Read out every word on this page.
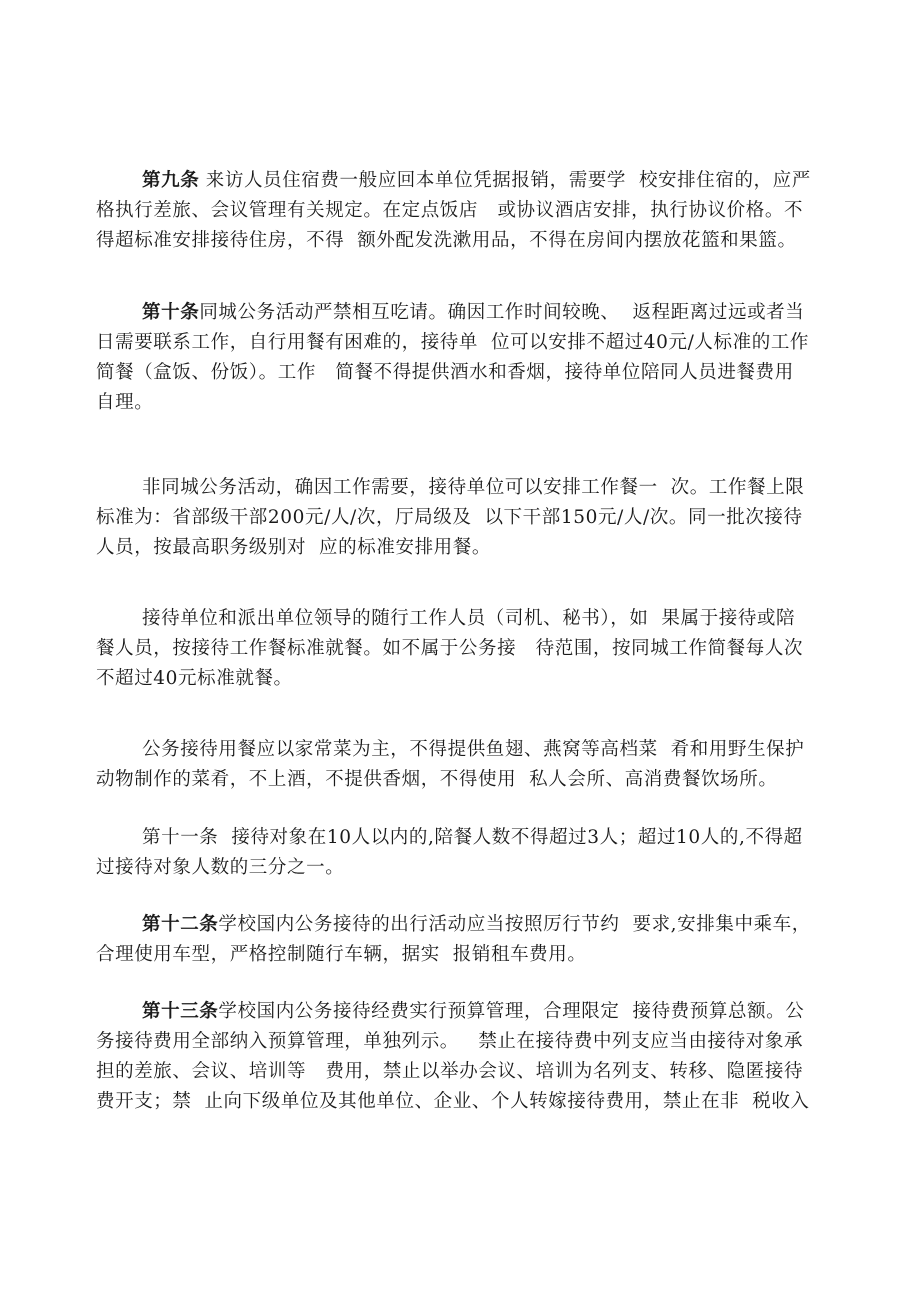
第九条 来访人员住宿费一般应回本单位凭据报销，需要学  校安排住宿的，应严
格执行差旅、会议管理有关规定。在定点饭店   或协议酒店安排，执行协议价格。不
得超标准安排接待住房，不得  额外配发洗漱用品，不得在房间内摆放花篮和果篮。
第十条同城公务活动严禁相互吃请。确因工作时间较晚、  返程距离过远或者当
日需要联系工作，自行用餐有困难的，接待单  位可以安排不超过40元/人标准的工作
简餐（盒饭、份饭）。工作   简餐不得提供酒水和香烟，接待单位陪同人员进餐费用
自理。
非同城公务活动，确因工作需要，接待单位可以安排工作餐一  次。工作餐上限
标准为：省部级干部200元/人/次，厅局级及  以下干部150元/人/次。同一批次接待
人员，按最高职务级别对  应的标准安排用餐。
接待单位和派出单位领导的随行工作人员（司机、秘书），如  果属于接待或陪
餐人员，按接待工作餐标准就餐。如不属于公务接   待范围，按同城工作简餐每人次
不超过40元标准就餐。
公务接待用餐应以家常菜为主，不得提供鱼翅、燕窝等高档菜  肴和用野生保护
动物制作的菜肴，不上酒，不提供香烟，不得使用  私人会所、高消费餐饮场所。
第十一条  接待对象在10人以内的,陪餐人数不得超过3人；超过10人的,不得超
过接待对象人数的三分之一。
第十二条学校国内公务接待的出行活动应当按照厉行节约  要求,安排集中乘车，
合理使用车型，严格控制随行车辆，据实  报销租车费用。
第十三条学校国内公务接待经费实行预算管理，合理限定  接待费预算总额。公
务接待费用全部纳入预算管理，单独列示。   禁止在接待费中列支应当由接待对象承
担的差旅、会议、培训等   费用，禁止以举办会议、培训为名列支、转移、隐匿接待
费开支；禁  止向下级单位及其他单位、企业、个人转嫁接待费用，禁止在非  税收入
